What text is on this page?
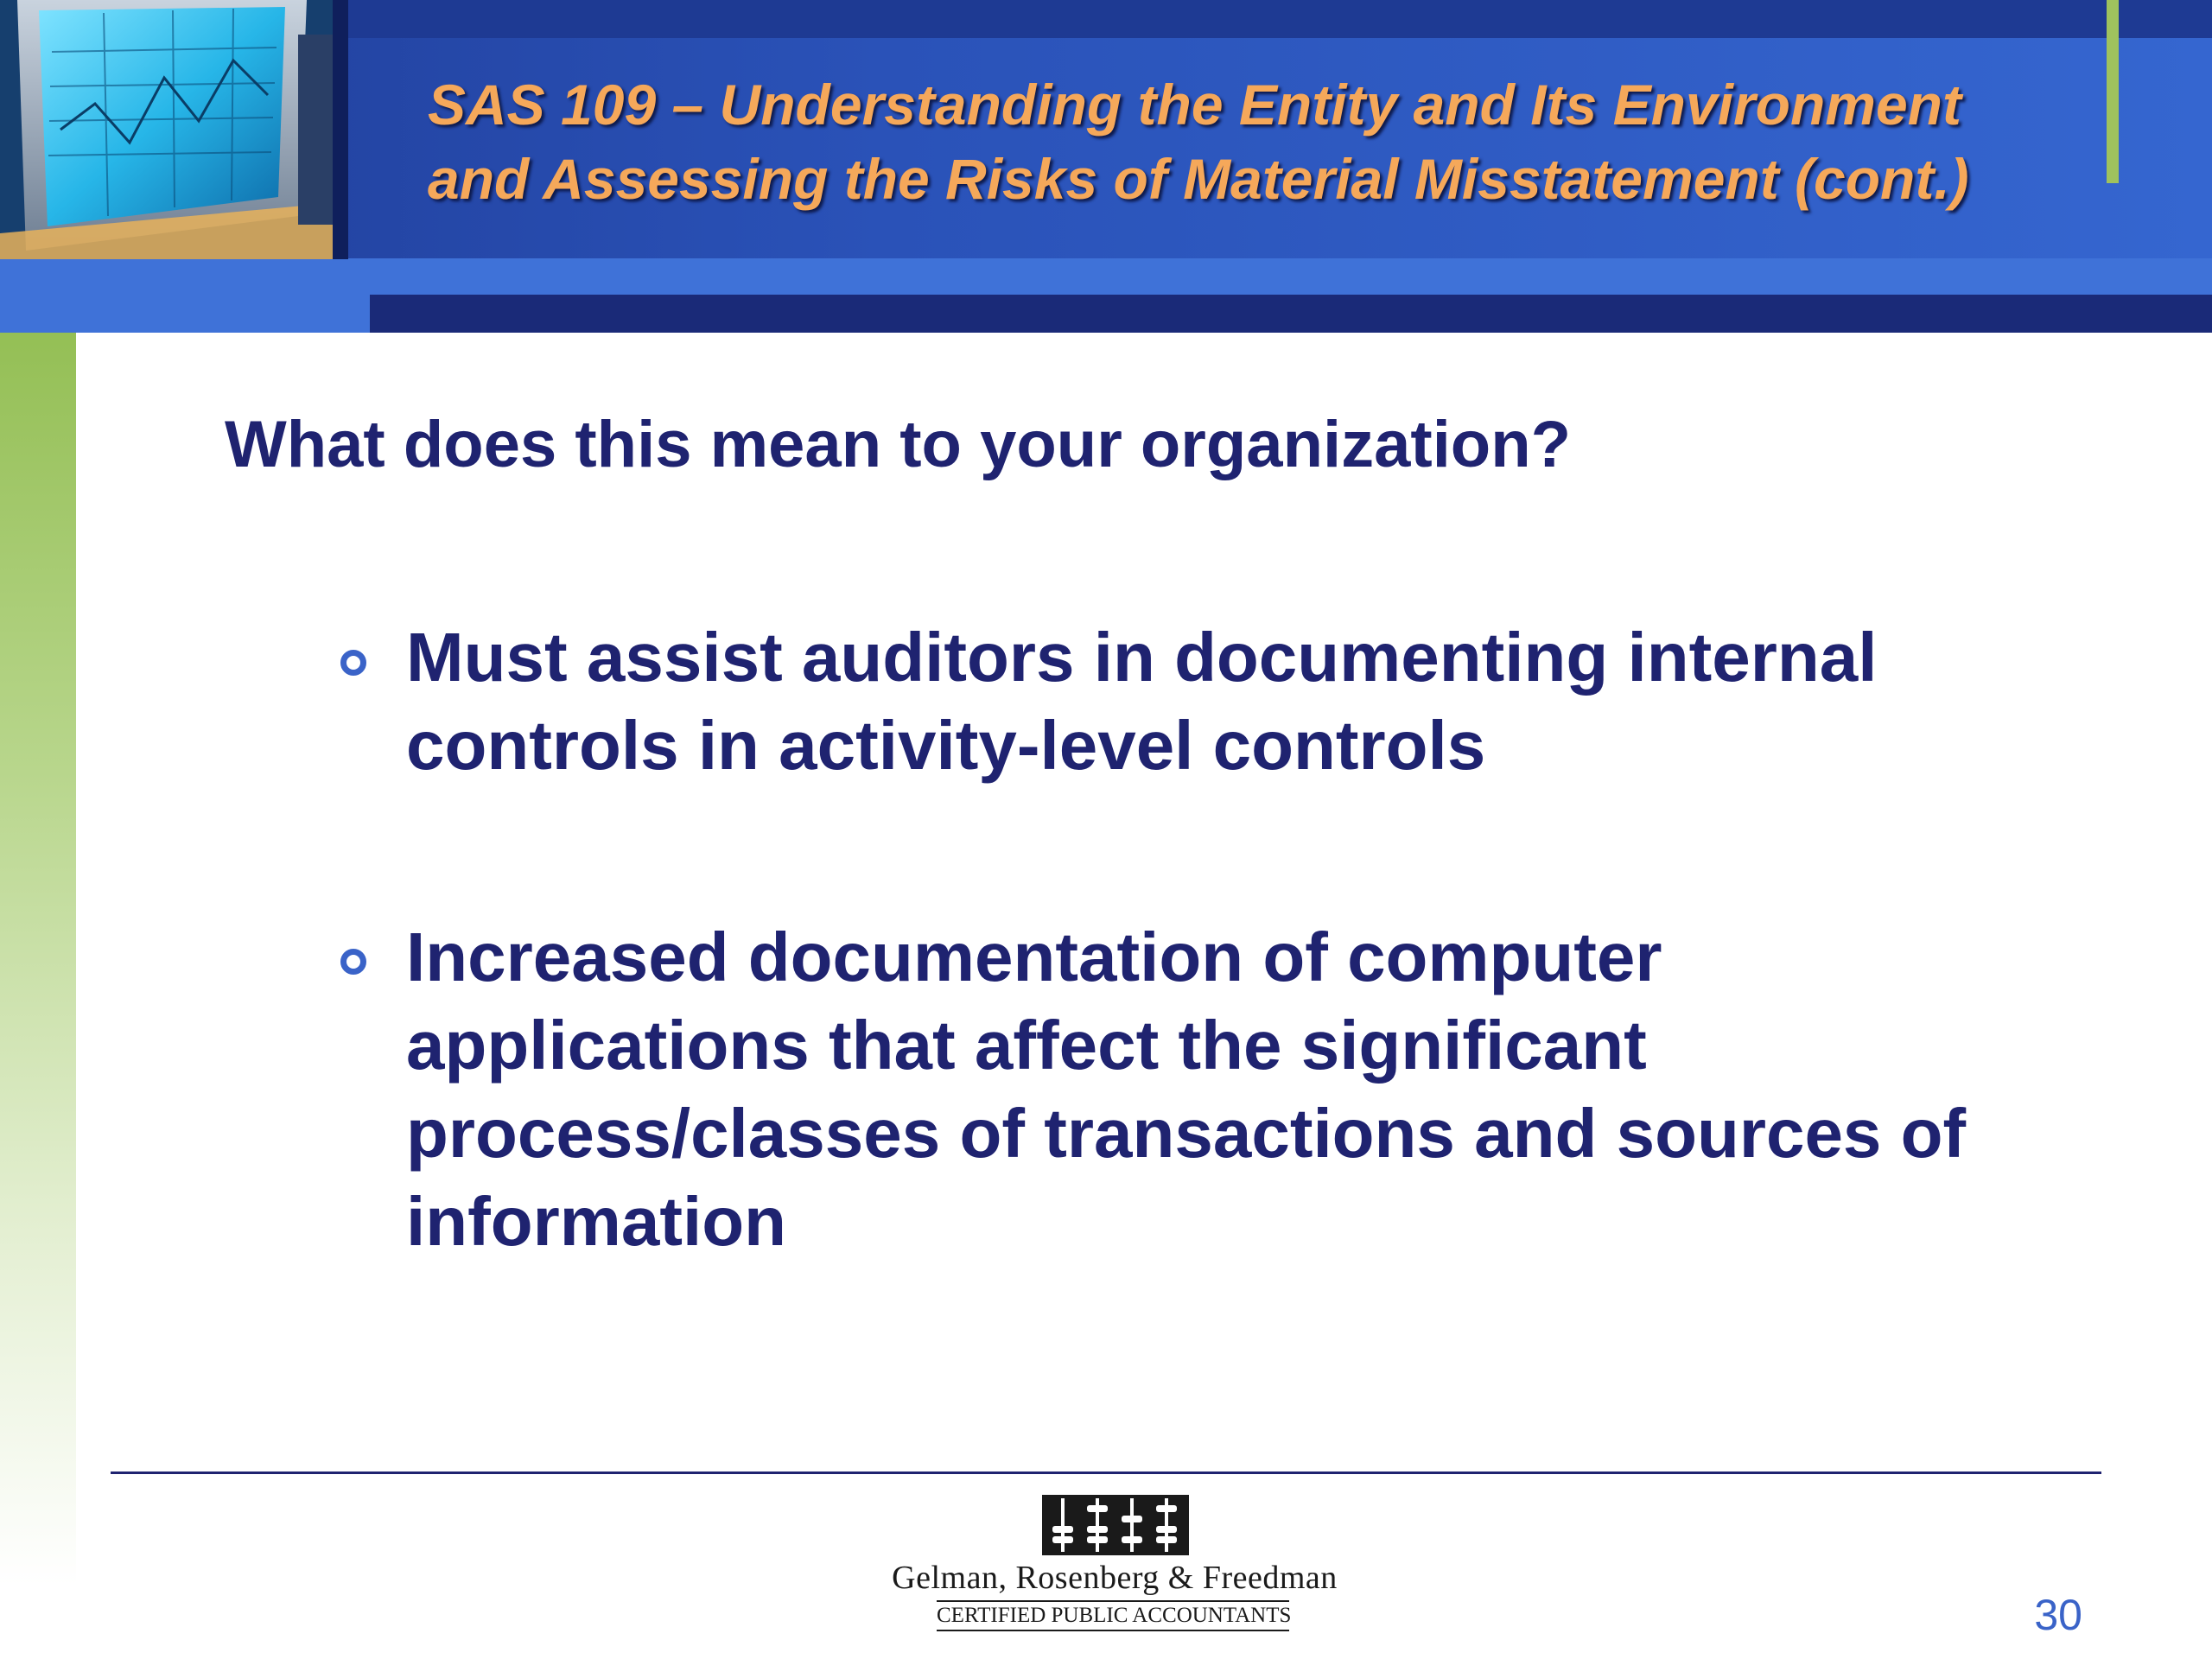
SAS 109 – Understanding the Entity and Its Environment
and Assessing the Risks of Material Misstatement (cont.)
What does this mean to your organization?
Must assist auditors in documenting internal
controls in activity-level controls
Increased documentation of computer
applications that affect the significant
process/classes of transactions and sources of
information
Gelman, Rosenberg & Freedman
CERTIFIED PUBLIC ACCOUNTANTS	30
